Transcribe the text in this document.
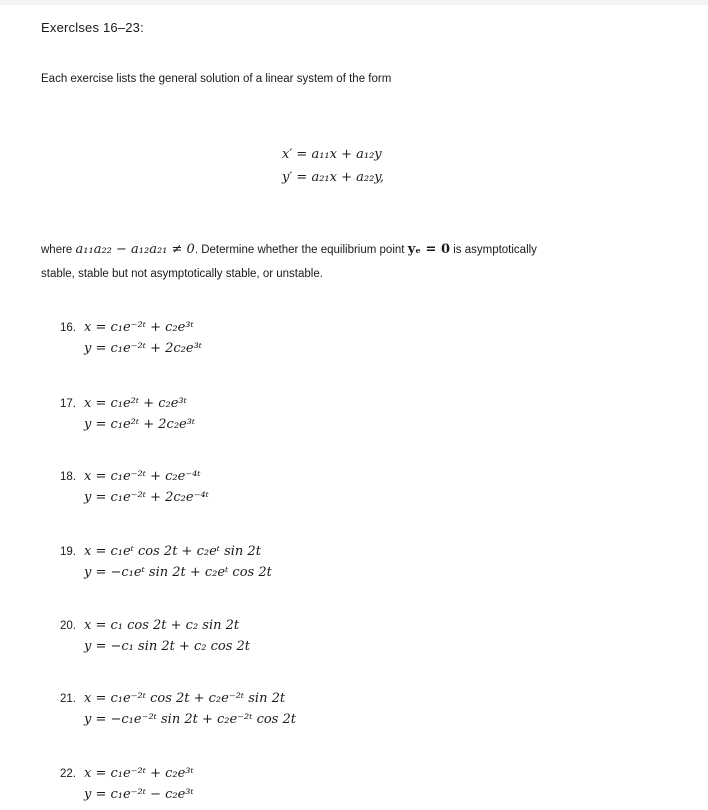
Exerclses 16–23:
Each exercise lists the general solution of a linear system of the form
x′ = a₁₁x + a₁₂y
y′ = a₂₁x + a₂₂y,
where a₁₁a₂₂ − a₁₂a₂₁ ≠ 0. Determine whether the equilibrium point yₑ = 0 is asymptotically
stable, stable but not asymptotically stable, or unstable.
16. x = c₁e⁻²ᵗ + c₂e³ᵗ
y = c₁e⁻²ᵗ + 2c₂e³ᵗ
17. x = c₁e²ᵗ + c₂e³ᵗ
y = c₁e²ᵗ + 2c₂e³ᵗ
18. x = c₁e⁻²ᵗ + c₂e⁻⁴ᵗ
y = c₁e⁻²ᵗ + 2c₂e⁻⁴ᵗ
19. x = c₁eᵗ cos 2t + c₂eᵗ sin 2t
y = −c₁eᵗ sin 2t + c₂eᵗ cos 2t
20. x = c₁ cos 2t + c₂ sin 2t
y = −c₁ sin 2t + c₂ cos 2t
21. x = c₁e⁻²ᵗ cos 2t + c₂e⁻²ᵗ sin 2t
y = −c₁e⁻²ᵗ sin 2t + c₂e⁻²ᵗ cos 2t
22. x = c₁e⁻²ᵗ + c₂e³ᵗ
y = c₁e⁻²ᵗ − c₂e³ᵗ
